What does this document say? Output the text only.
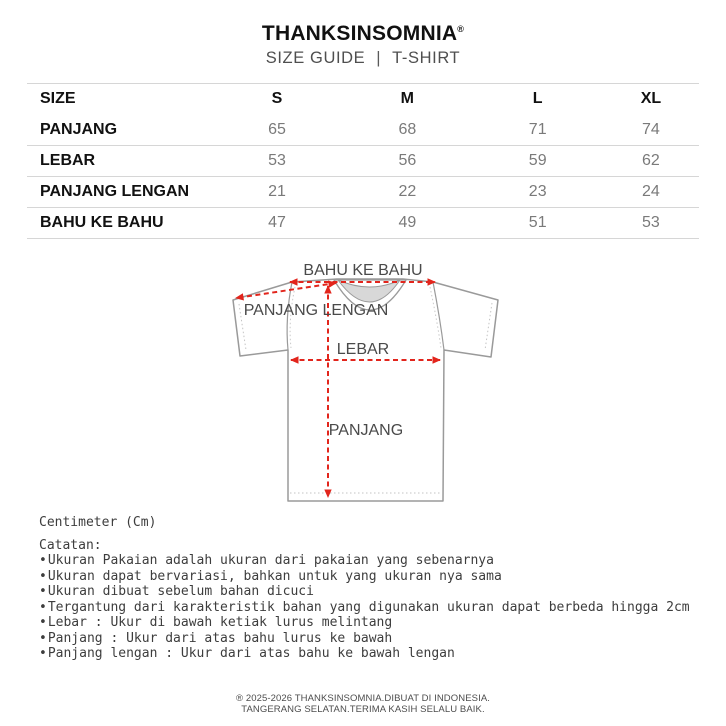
THANKSINSOMNIA®
SIZE GUIDE | T-SHIRT
SIZE	S	M	L	XL
PANJANG	65	68	71	74
LEBAR	53	56	59	62
PANJANG LENGAN	21	22	23	24
BAHU KE BAHU	47	49	51	53
BAHU KE BAHU
PANJANG LENGAN
LEBAR
PANJANG
Centimeter (Cm)
Catatan:
•Ukuran Pakaian adalah ukuran dari pakaian yang sebenarnya
•Ukuran dapat bervariasi, bahkan untuk yang ukuran nya sama
•Ukuran dibuat sebelum bahan dicuci
•Tergantung dari karakteristik bahan yang digunakan ukuran dapat berbeda hingga 2cm
•Lebar : Ukur di bawah ketiak lurus melintang
•Panjang : Ukur dari atas bahu lurus ke bawah
•Panjang lengan : Ukur dari atas bahu ke bawah lengan
® 2025-2026 THANKSINSOMNIA.DIBUAT DI INDONESIA.
TANGERANG SELATAN.TERIMA KASIH SELALU BAIK.
